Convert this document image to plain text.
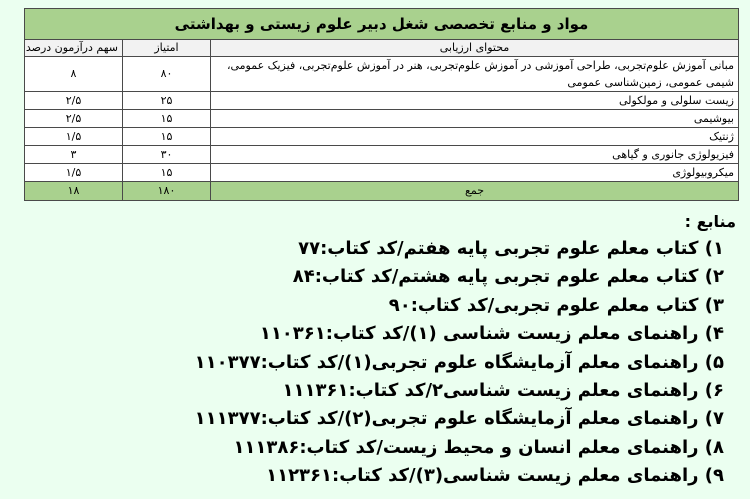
مواد و منابع تخصصی شغل دبیر علوم زیستی و بهداشتی		
محتوای ارزیابی	امتیاز	سهم درآزمون درصد
مبانی آموزش علوم‌تجربی، طراحی آموزشی در آموزش علوم‌تجربی، هنر در آموزش علوم‌تجربی، فیزیک عمومی، شیمی عمومی، زمین‌شناسی عمومی	۸۰	۸
زیست سلولی و مولکولی	۲۵	۲/۵
بیوشیمی	۱۵	۲/۵
ژنتیک	۱۵	۱/۵
فیزیولوژی جانوری و گیاهی	۳۰	۳
میکروبیولوژی	۱۵	۱/۵
جمع	۱۸۰	۱۸
منابع :
۱) کتاب معلم علوم تجربی پایه هفتم/کد کتاب:۷۷
۲) کتاب معلم علوم تجربی پایه هشتم/کد کتاب:۸۴
۳) کتاب معلم علوم تجربی/کد کتاب:۹۰
۴) راهنمای معلم زیست شناسی (۱)/کد کتاب:۱۱۰۳۶۱
۵) راهنمای معلم آزمایشگاه علوم تجربی(۱)/کد کتاب:۱۱۰۳۷۷
۶) راهنمای معلم زیست شناسی۲/کد کتاب:۱۱۱۳۶۱
۷) راهنمای معلم آزمایشگاه علوم تجربی(۲)/کد کتاب:۱۱۱۳۷۷
۸) راهنمای معلم انسان و محیط زیست/کد کتاب:۱۱۱۳۸۶
۹) راهنمای معلم زیست شناسی(۳)/کد کتاب:۱۱۲۳۶۱
